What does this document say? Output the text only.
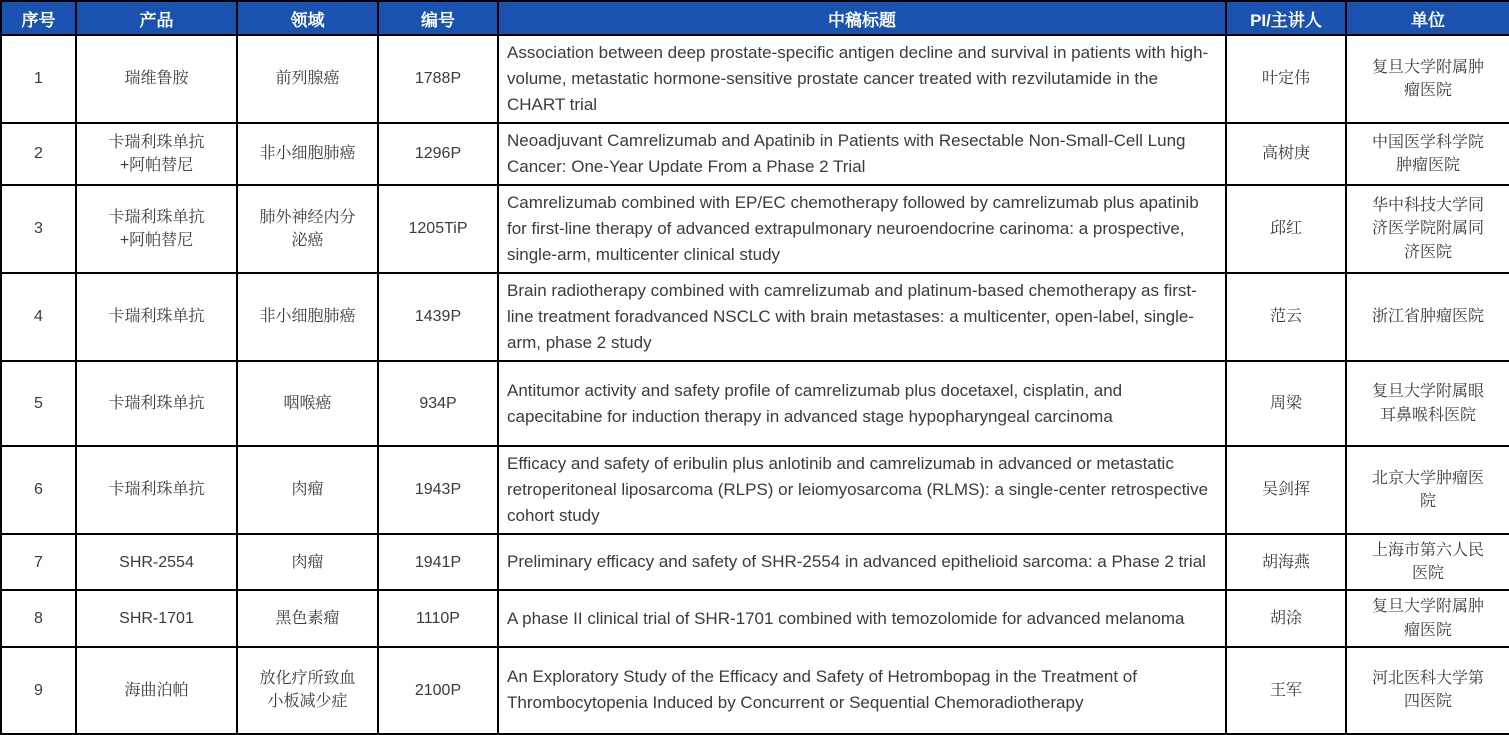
序号	产品	领域	编号	中稿标题	PI/主讲人	单位
1	瑞维鲁胺	前列腺癌	1788P	Association between deep prostate-specific antigen decline and survival in patients with high-volume, metastatic hormone-sensitive prostate cancer treated with rezvilutamide in the CHART trial	叶定伟	复旦大学附属肿瘤医院
2	卡瑞利珠单抗+阿帕替尼	非小细胞肺癌	1296P	Neoadjuvant Camrelizumab and Apatinib in Patients with Resectable Non-Small-Cell Lung Cancer: One-Year Update From a Phase 2 Trial	高树庚	中国医学科学院肿瘤医院
3	卡瑞利珠单抗+阿帕替尼	肺外神经内分泌癌	1205TiP	Camrelizumab combined with EP/EC chemotherapy followed by camrelizumab plus apatinib for first-line therapy of advanced extrapulmonary neuroendocrine carinoma: a prospective, single-arm, multicenter clinical study	邱红	华中科技大学同济医学院附属同济医院
4	卡瑞利珠单抗	非小细胞肺癌	1439P	Brain radiotherapy combined with camrelizumab and platinum-based chemotherapy as first-line treatment foradvanced NSCLC with brain metastases: a multicenter, open-label, single-arm, phase 2 study	范云	浙江省肿瘤医院
5	卡瑞利珠单抗	咽喉癌	934P	Antitumor activity and safety profile of camrelizumab plus docetaxel, cisplatin, and capecitabine for induction therapy in advanced stage hypopharyngeal carcinoma	周梁	复旦大学附属眼耳鼻喉科医院
6	卡瑞利珠单抗	肉瘤	1943P	Efficacy and safety of eribulin plus anlotinib and camrelizumab in advanced or metastatic retroperitoneal liposarcoma (RLPS) or leiomyosarcoma (RLMS): a single-center retrospective cohort study	吴剑挥	北京大学肿瘤医院
7	SHR-2554	肉瘤	1941P	Preliminary efficacy and safety of SHR-2554 in advanced epithelioid sarcoma: a Phase 2 trial	胡海燕	上海市第六人民医院
8	SHR-1701	黑色素瘤	1110P	A phase II clinical trial of SHR-1701 combined with temozolomide for advanced melanoma	胡涂	复旦大学附属肿瘤医院
9	海曲泊帕	放化疗所致血小板减少症	2100P	An Exploratory Study of the Efficacy and Safety of Hetrombopag in the Treatment of Thrombocytopenia Induced by Concurrent or Sequential Chemoradiotherapy	王军	河北医科大学第四医院
